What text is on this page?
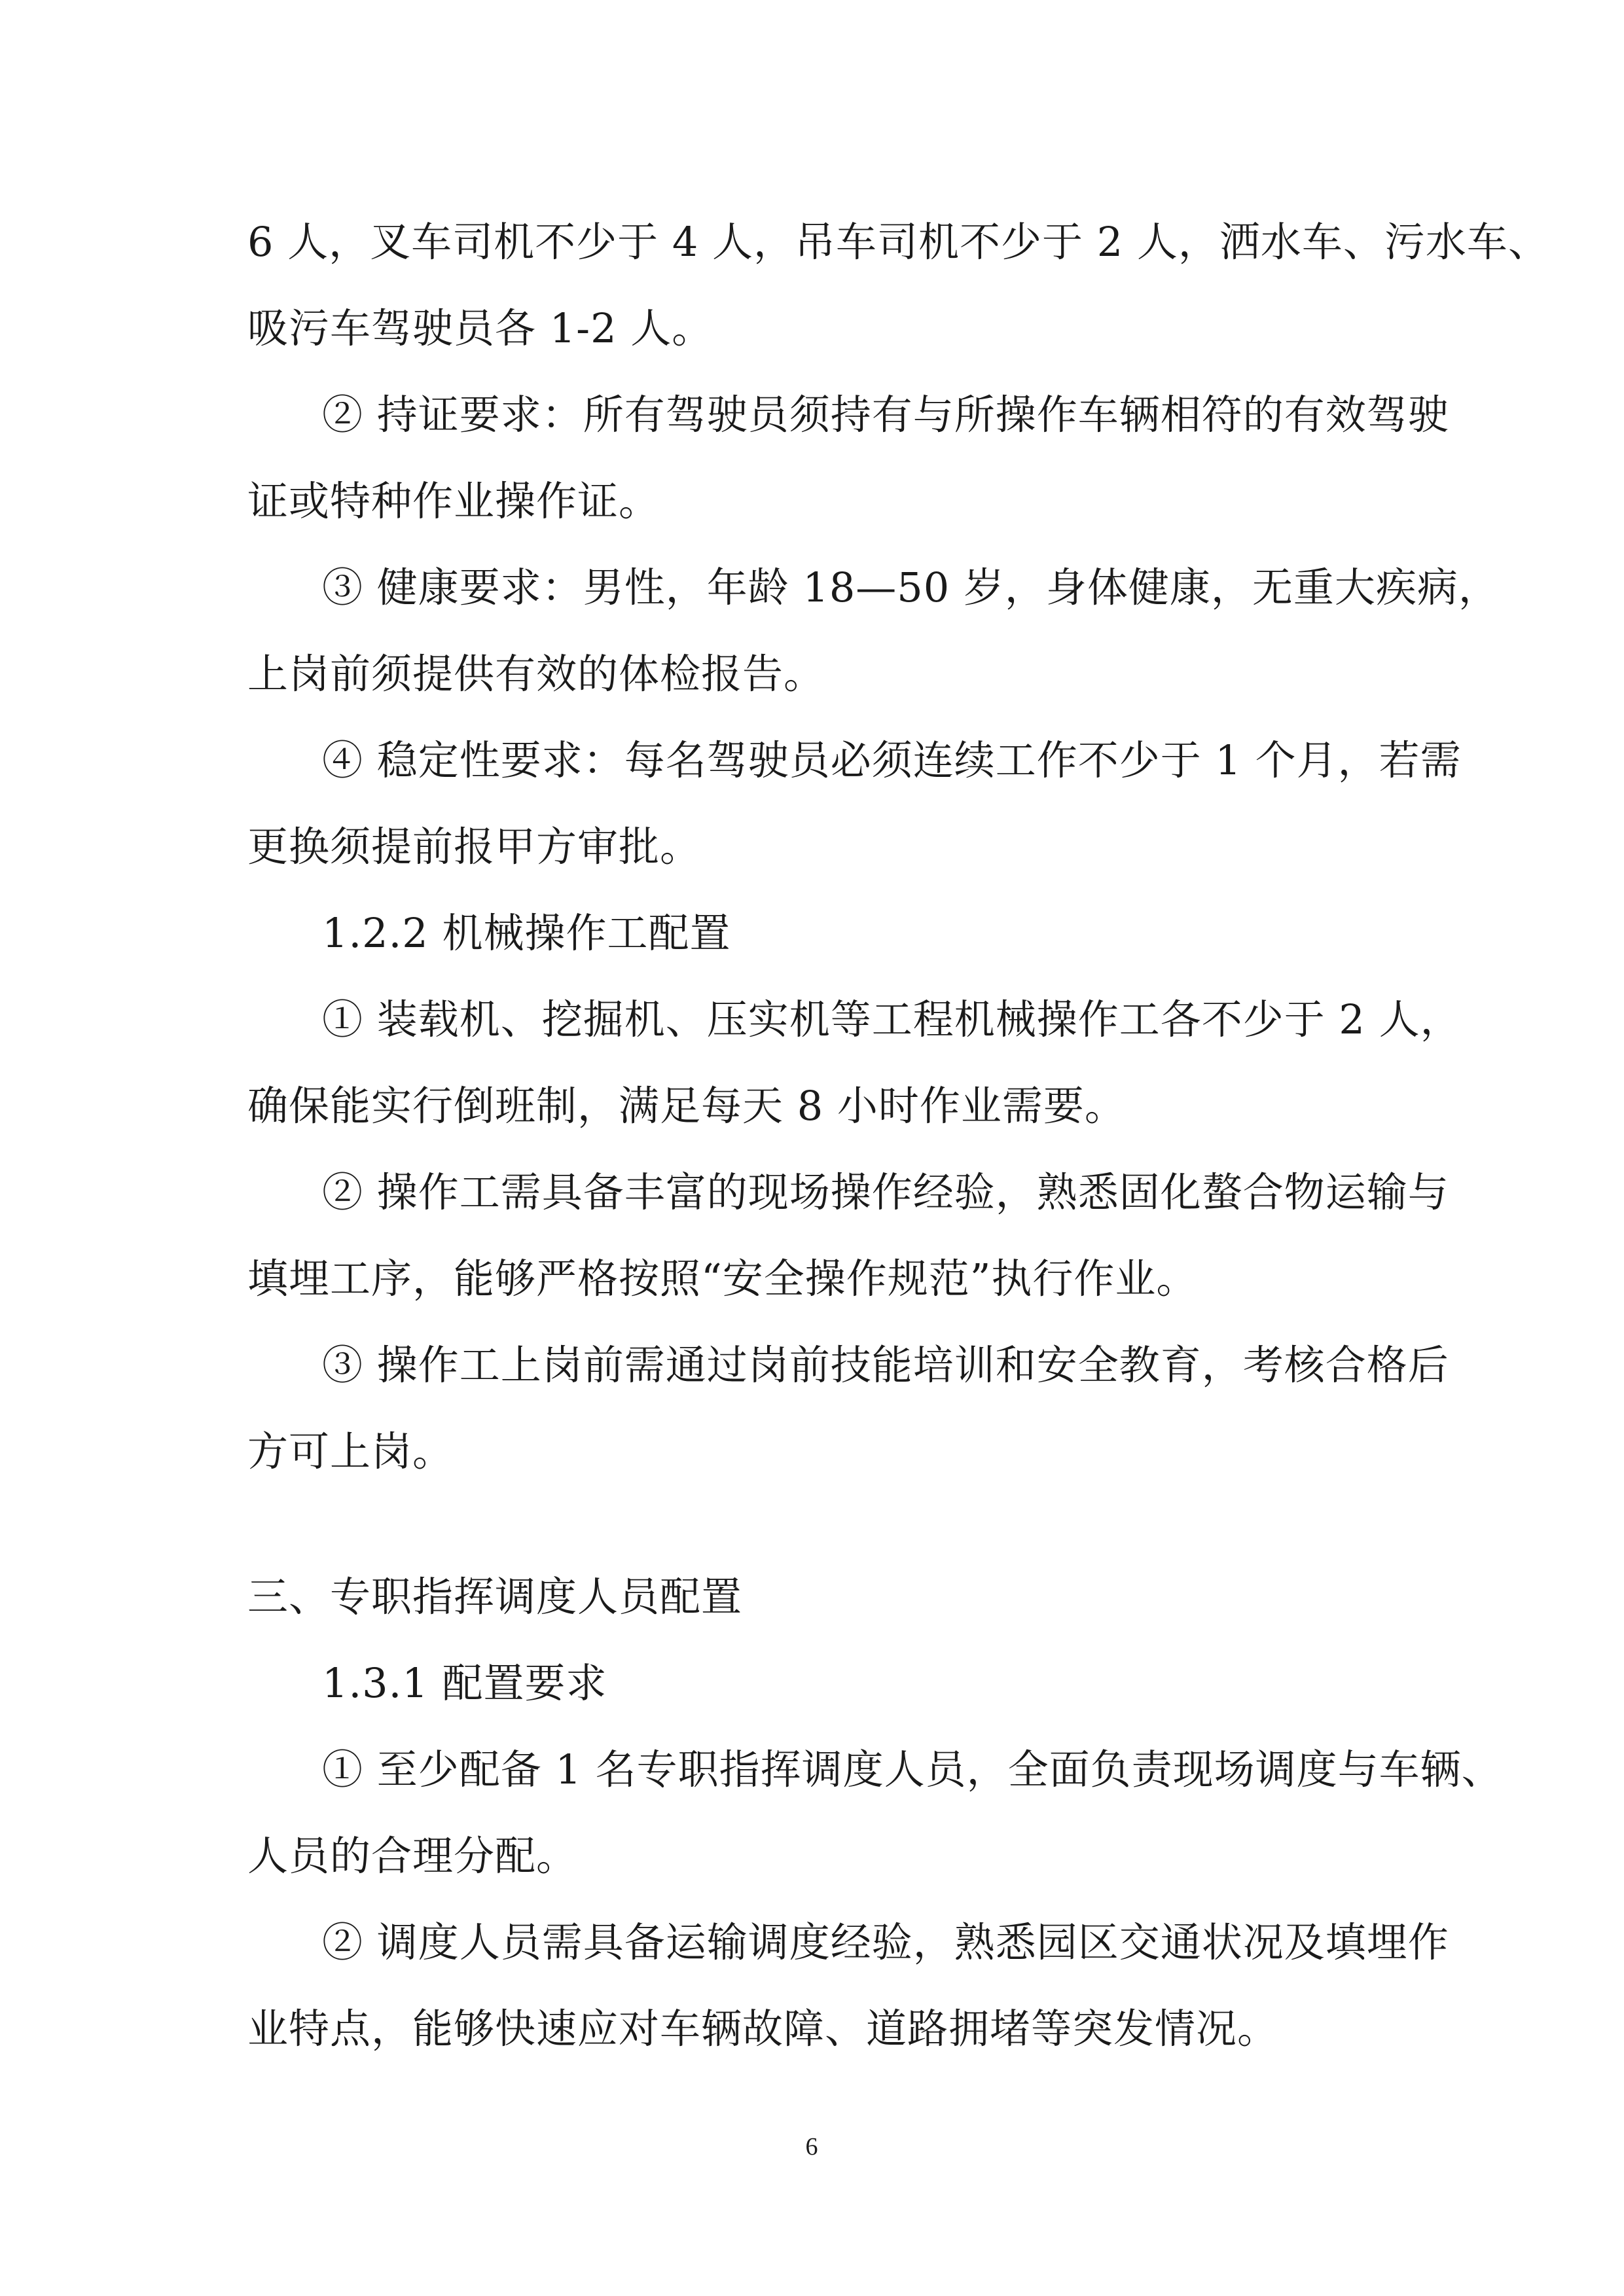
6 人，叉车司机不少于 4 人，吊车司机不少于 2 人，洒水车、污水车、
吸污车驾驶员各 1-2 人。
② 持证要求：所有驾驶员须持有与所操作车辆相符的有效驾驶
证或特种作业操作证。
③ 健康要求：男性，年龄 18—50 岁，身体健康，无重大疾病，
上岗前须提供有效的体检报告。
④ 稳定性要求：每名驾驶员必须连续工作不少于 1 个月，若需
更换须提前报甲方审批。
1.2.2 机械操作工配置
① 装载机、挖掘机、压实机等工程机械操作工各不少于 2 人，
确保能实行倒班制，满足每天 8 小时作业需要。
② 操作工需具备丰富的现场操作经验，熟悉固化螯合物运输与
填埋工序，能够严格按照“安全操作规范”执行作业。
③ 操作工上岗前需通过岗前技能培训和安全教育，考核合格后
方可上岗。
三、专职指挥调度人员配置
1.3.1 配置要求
① 至少配备 1 名专职指挥调度人员，全面负责现场调度与车辆、
人员的合理分配。
② 调度人员需具备运输调度经验，熟悉园区交通状况及填埋作
业特点，能够快速应对车辆故障、道路拥堵等突发情况。
6
